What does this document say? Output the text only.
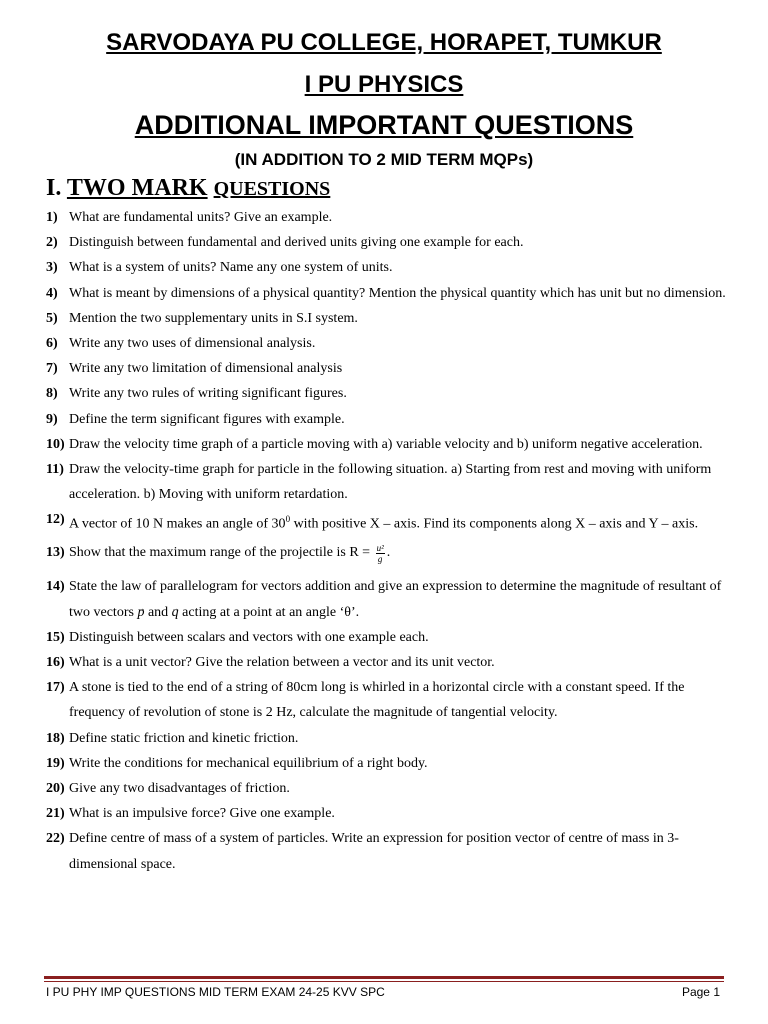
SARVODAYA PU COLLEGE, HORAPET, TUMKUR
I PU PHYSICS
ADDITIONAL IMPORTANT QUESTIONS
(IN ADDITION TO 2 MID TERM MQPs)
I. TWO MARK QUESTIONS
1) What are fundamental units? Give an example.
2) Distinguish between fundamental and derived units giving one example for each.
3) What is a system of units? Name any one system of units.
4) What is meant by dimensions of a physical quantity? Mention the physical quantity which has unit but no dimension.
5) Mention the two supplementary units in S.I system.
6) Write any two uses of dimensional analysis.
7) Write any two limitation of dimensional analysis
8) Write any two rules of writing significant figures.
9) Define the term significant figures with example.
10) Draw the velocity time graph of a particle moving with a) variable velocity and b) uniform negative acceleration.
11) Draw the velocity-time graph for particle in the following situation. a) Starting from rest and moving with uniform acceleration. b) Moving with uniform retardation.
12) A vector of 10 N makes an angle of $30^0$ with positive X – axis. Find its components along X – axis and Y – axis.
13) Show that the maximum range of the projectile is $R = \frac{\text{u²}}{g}$ .
14) State the law of parallelogram for vectors addition and give an expression to determine the magnitude of resultant of two vectors → p and → q acting at a point at an angle ‘θ’.
15) Distinguish between scalars and vectors with one example each.
16) What is a unit vector? Give the relation between a vector and its unit vector.
17) A stone is tied to the end of a string of 80cm long is whirled in a horizontal circle with a constant speed. If the frequency of revolution of stone is 2 Hz, calculate the magnitude of tangential velocity.
18) Define static friction and kinetic friction.
19) Write the conditions for mechanical equilibrium of a right body.
20) Give any two disadvantages of friction.
21) What is an impulsive force? Give one example.
22) Define centre of mass of a system of particles. Write an expression for position vector of centre of mass in 3-dimensional space.
I PU PHY IMP QUESTIONS MID TERM EXAM 24-25 KVV SPC	Page 1
